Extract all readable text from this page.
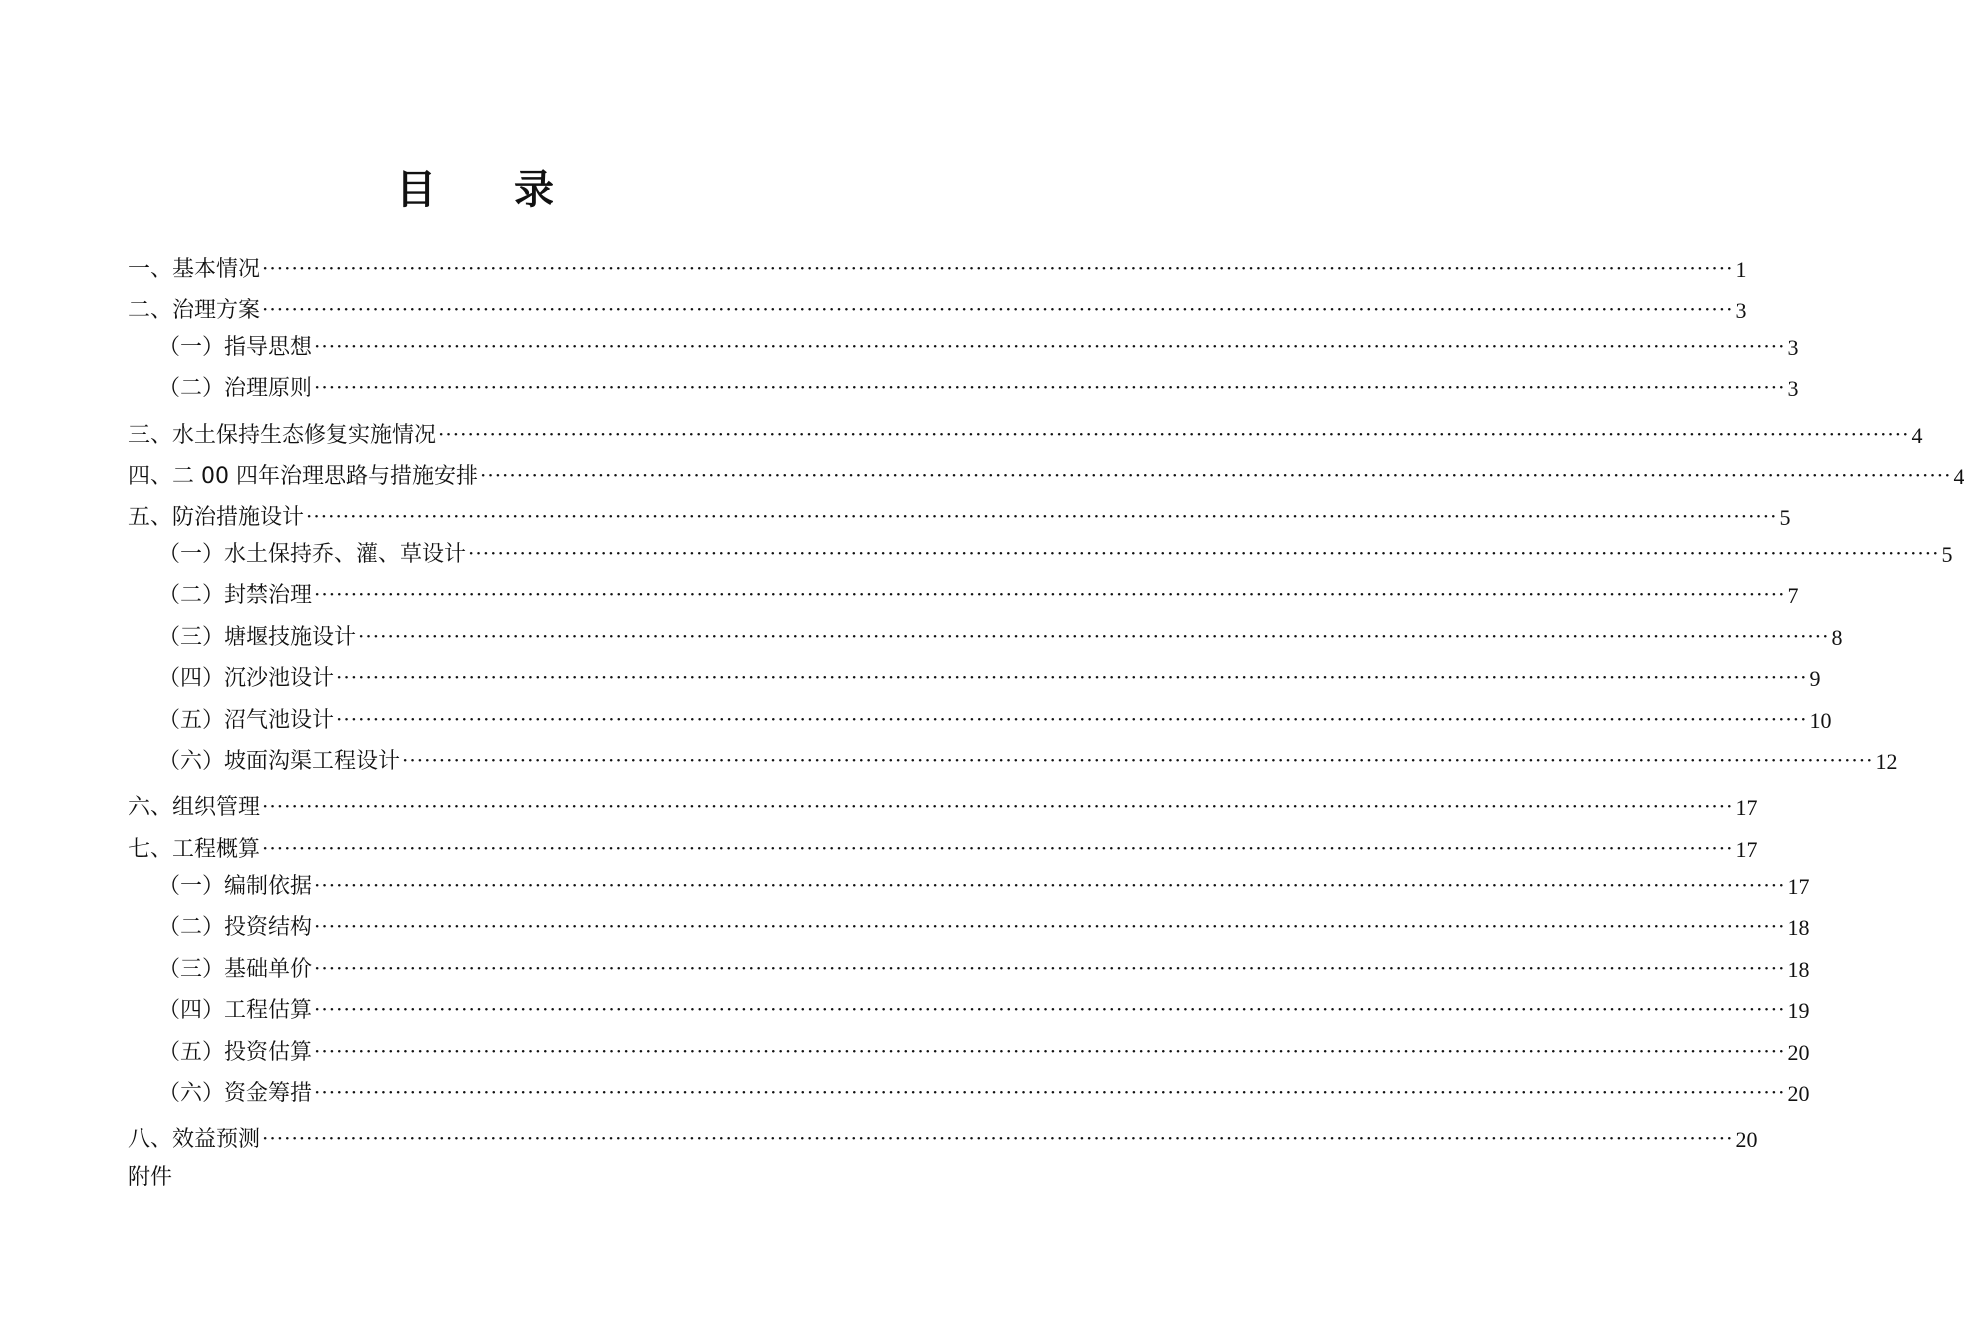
目 录
一、基本情况 ········································································································································································································ 1
二、治理方案 ········································································································································································································ 3
（一）指导思想 ········································································································································································································ 3
（二）治理原则 ········································································································································································································ 3
三、水土保持生态修复实施情况 ········································································································································································································ 4
四、二 00 四年治理思路与措施安排 ········································································································································································································ 4
五、防治措施设计 ········································································································································································································ 5
（一）水土保持乔、灌、草设计 ········································································································································································································ 5
（二）封禁治理 ········································································································································································································ 7
（三）塘堰技施设计 ········································································································································································································ 8
（四）沉沙池设计 ········································································································································································································ 9
（五）沼气池设计 ········································································································································································································ 10
（六）坡面沟渠工程设计 ········································································································································································································ 12
六、组织管理 ········································································································································································································ 17
七、工程概算 ········································································································································································································ 17
（一）编制依据 ········································································································································································································ 17
（二）投资结构 ········································································································································································································ 18
（三）基础单价 ········································································································································································································ 18
（四）工程估算 ········································································································································································································ 19
（五）投资估算 ········································································································································································································ 20
（六）资金筹措 ········································································································································································································ 20
八、效益预测 ········································································································································································································ 20
附件
